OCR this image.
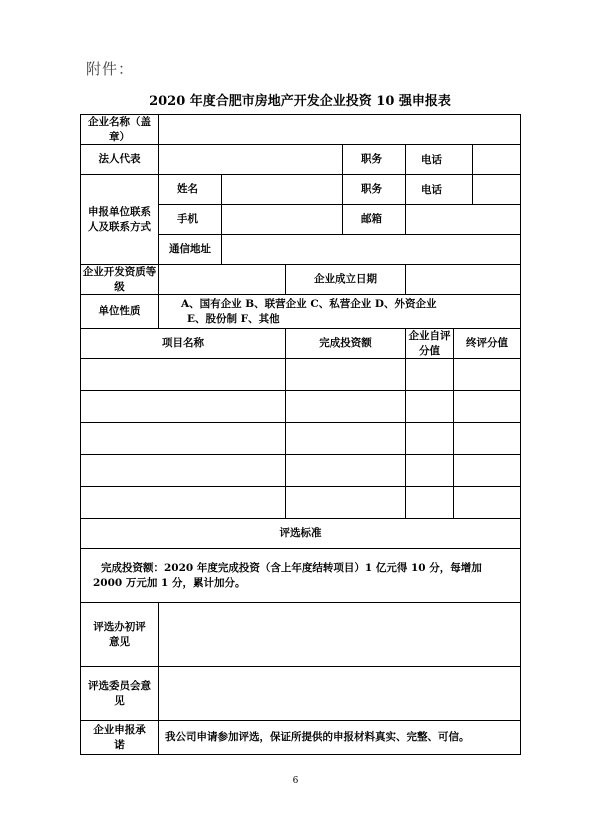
附件：
2020 年度合肥市房地产开发企业投资 10 强申报表
企业名称（盖章）							
法人代表				职务			电话

申报单位联系人及联系方式	姓名			职务			电话

	手机			邮箱			
	通信地址						
企业开发资质等级			企业成立日期				
单位性质	A、国有企业 B、联营企业 C、私营企业 D、外资企业
E、股份制 F、其他						

项目名称			完成投资额		企业自评分值	终评分值	

评选标准							
完成投资额：2020 年度完成投资（含上年度结转项目）1 亿元得 10 分，每增加 2000 万元加 1 分，累计加分。							
评选办初评意见							
评选委员会意见							
企业申报承诺	我公司申请参加评选，保证所提供的申报材料真实、完整、可信。						
6
